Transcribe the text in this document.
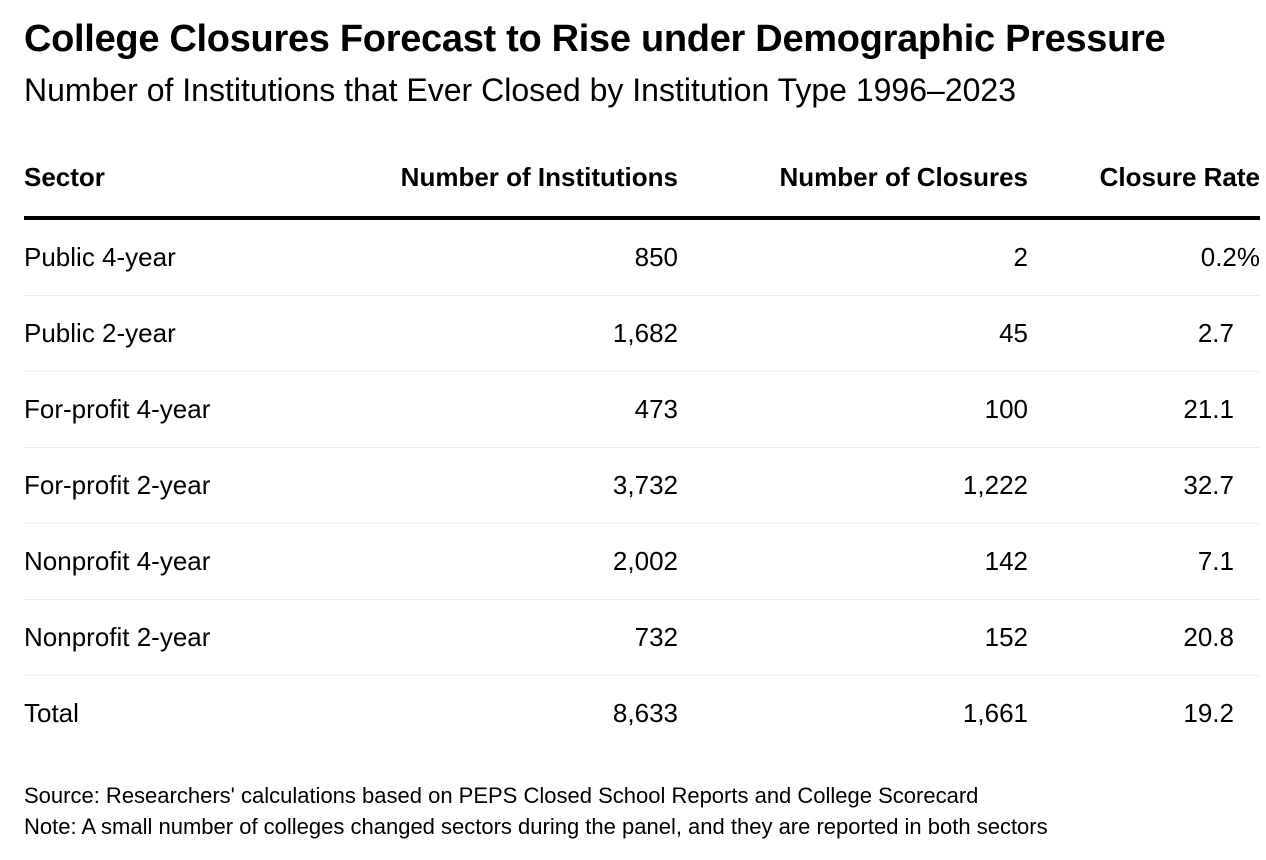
College Closures Forecast to Rise under Demographic Pressure
Number of Institutions that Ever Closed by Institution Type 1996–2023
Sector	Number of Institutions	Number of Closures	Closure Rate
Public 4-year	850	2	0.2%
Public 2-year	1,682	45	2.7
For-profit 4-year	473	100	21.1
For-profit 2-year	3,732	1,222	32.7
Nonprofit 4-year	2,002	142	7.1
Nonprofit 2-year	732	152	20.8
Total	8,633	1,661	19.2
Source: Researchers' calculations based on PEPS Closed School Reports and College Scorecard
Note: A small number of colleges changed sectors during the panel, and they are reported in both sectors
